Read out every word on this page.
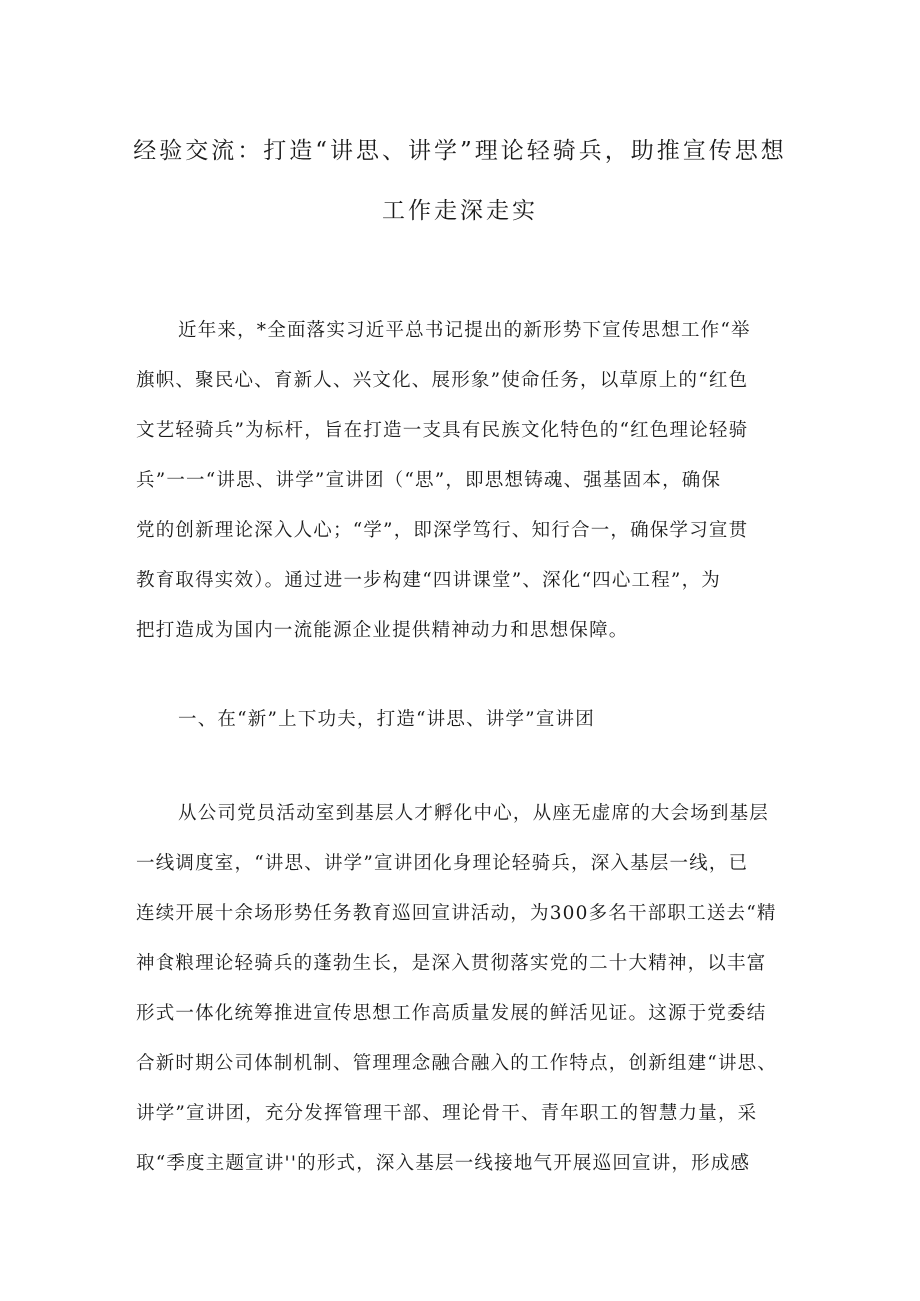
经验交流：打造“讲思、讲学”理论轻骑兵，助推宣传思想
工作走深走实
近年来，*全面落实习近平总书记提出的新形势下宣传思想工作“举
旗帜、聚民心、育新人、兴文化、展形象”使命任务，以草原上的“红色
文艺轻骑兵”为标杆，旨在打造一支具有民族文化特色的“红色理论轻骑
兵”一一“讲思、讲学”宣讲团（“思”，即思想铸魂、强基固本，确保
党的创新理论深入人心；“学”，即深学笃行、知行合一，确保学习宣贯
教育取得实效）。通过进一步构建“四讲课堂”、深化“四心工程”，为
把打造成为国内一流能源企业提供精神动力和思想保障。
一、在“新”上下功夫，打造“讲思、讲学”宣讲团
从公司党员活动室到基层人才孵化中心，从座无虚席的大会场到基层
一线调度室，“讲思、讲学”宣讲团化身理论轻骑兵，深入基层一线，已
连续开展十余场形势任务教育巡回宣讲活动，为300多名干部职工送去“精
神食粮理论轻骑兵的蓬勃生长，是深入贯彻落实党的二十大精神，以丰富
形式一体化统筹推进宣传思想工作高质量发展的鲜活见证。这源于党委结
合新时期公司体制机制、管理理念融合融入的工作特点，创新组建“讲思、
讲学”宣讲团，充分发挥管理干部、理论骨干、青年职工的智慧力量，采
取“季度主题宣讲''的形式，深入基层一线接地气开展巡回宣讲，形成感
